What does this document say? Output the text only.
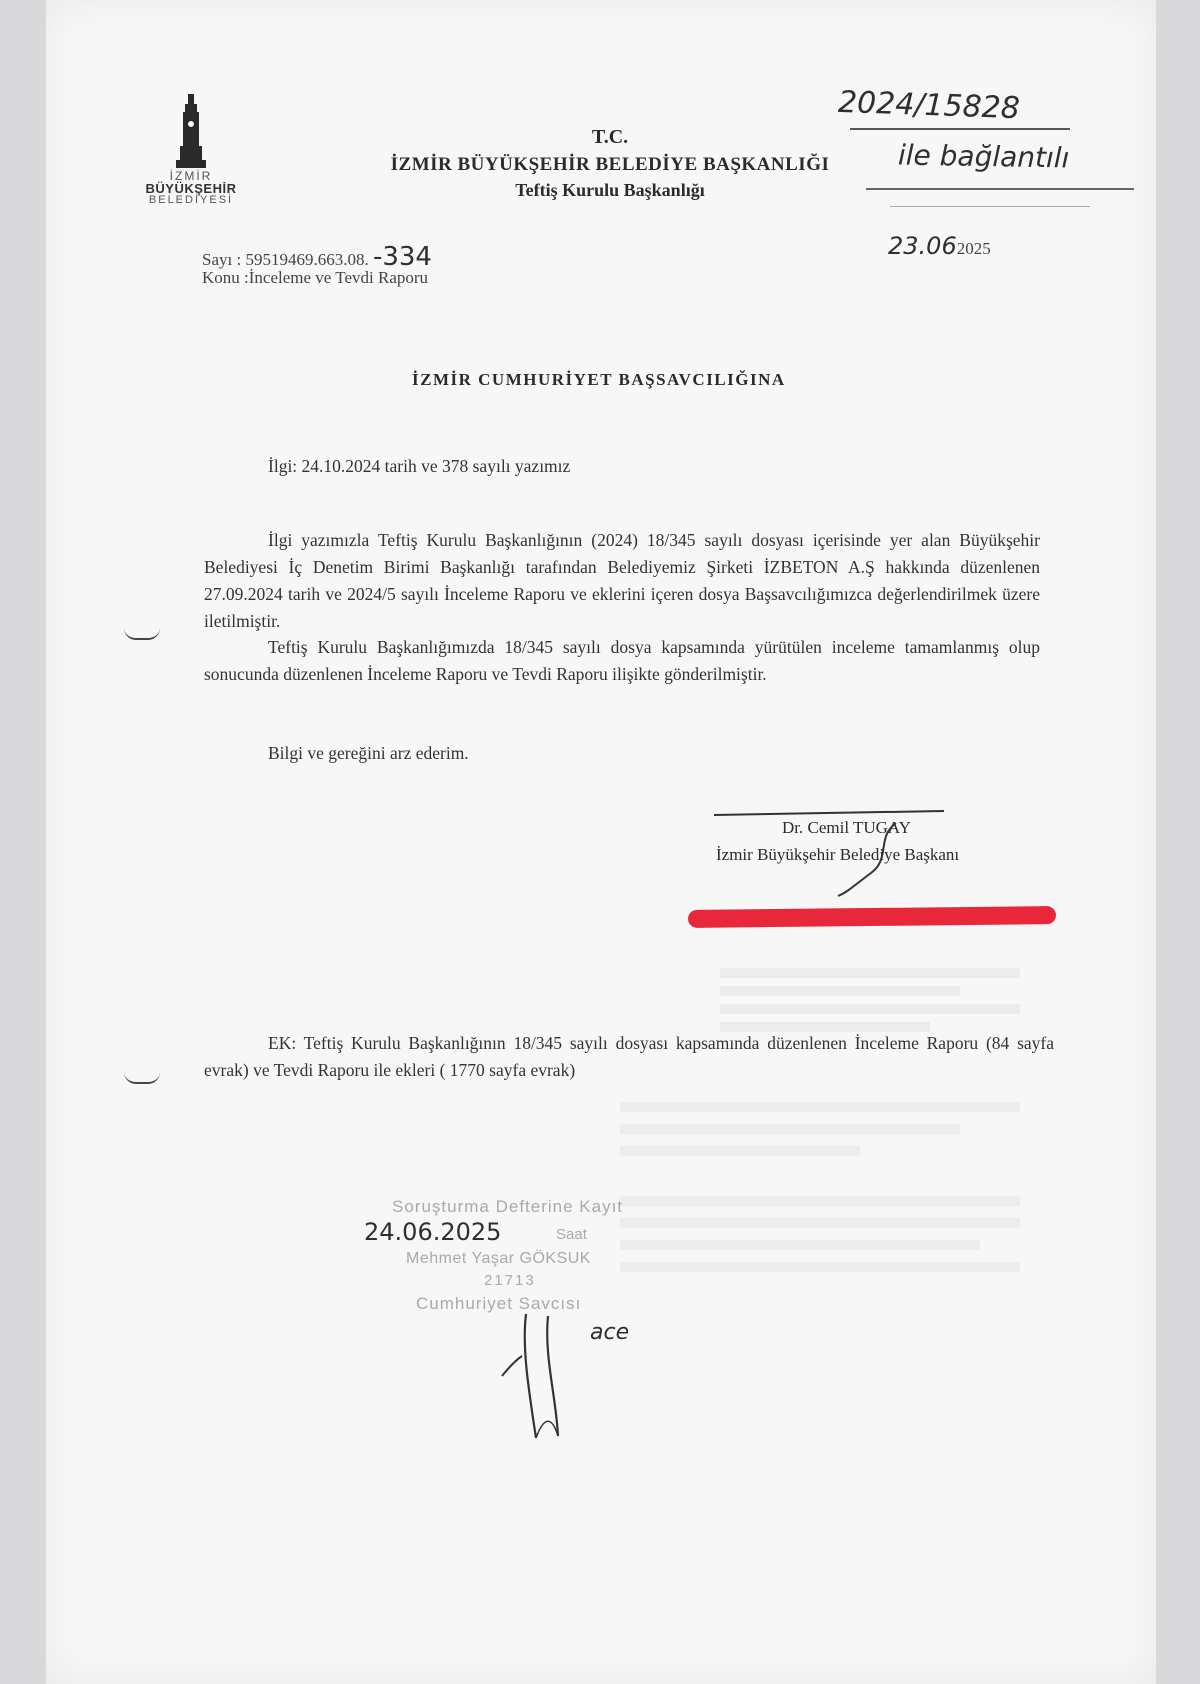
İZMİR
BÜYÜKŞEHİR
BELEDİYESİ
T.C.
İZMİR BÜYÜKŞEHİR BELEDİYE BAŞKANLIĞI
Teftiş Kurulu Başkanlığı
2024/15828
ile bağlantılı
Sayı : 59519469.663.08. -334
Konu :İnceleme ve Tevdi Raporu
23.062025
İZMİR CUMHURİYET BAŞSAVCILIĞINA
İlgi: 24.10.2024 tarih ve 378 sayılı yazımız
İlgi yazımızla Teftiş Kurulu Başkanlığının (2024) 18/345 sayılı dosyası içerisinde yer alan Büyükşehir Belediyesi İç Denetim Birimi Başkanlığı tarafından Belediyemiz Şirketi İZBETON A.Ş hakkında düzenlenen 27.09.2024 tarih ve 2024/5 sayılı İnceleme Raporu ve eklerini içeren dosya Başsavcılığımızca değerlendirilmek üzere iletilmiştir.
Teftiş Kurulu Başkanlığımızda 18/345 sayılı dosya kapsamında yürütülen inceleme tamamlanmış olup sonucunda düzenlenen İnceleme Raporu ve Tevdi Raporu ilişikte gönderilmiştir.
Bilgi ve gereğini arz ederim.
Dr. Cemil TUGAY
İzmir Büyükşehir Belediye Başkanı
EK: Teftiş Kurulu Başkanlığının 18/345 sayılı dosyası kapsamında düzenlenen İnceleme Raporu (84 sayfa evrak) ve Tevdi Raporu ile ekleri ( 1770 sayfa evrak)
Soruşturma Defterine Kayıt
24.06.2025	Saat
Mehmet Yaşar GÖKSUK
21713
Cumhuriyet Savcısı
ace
